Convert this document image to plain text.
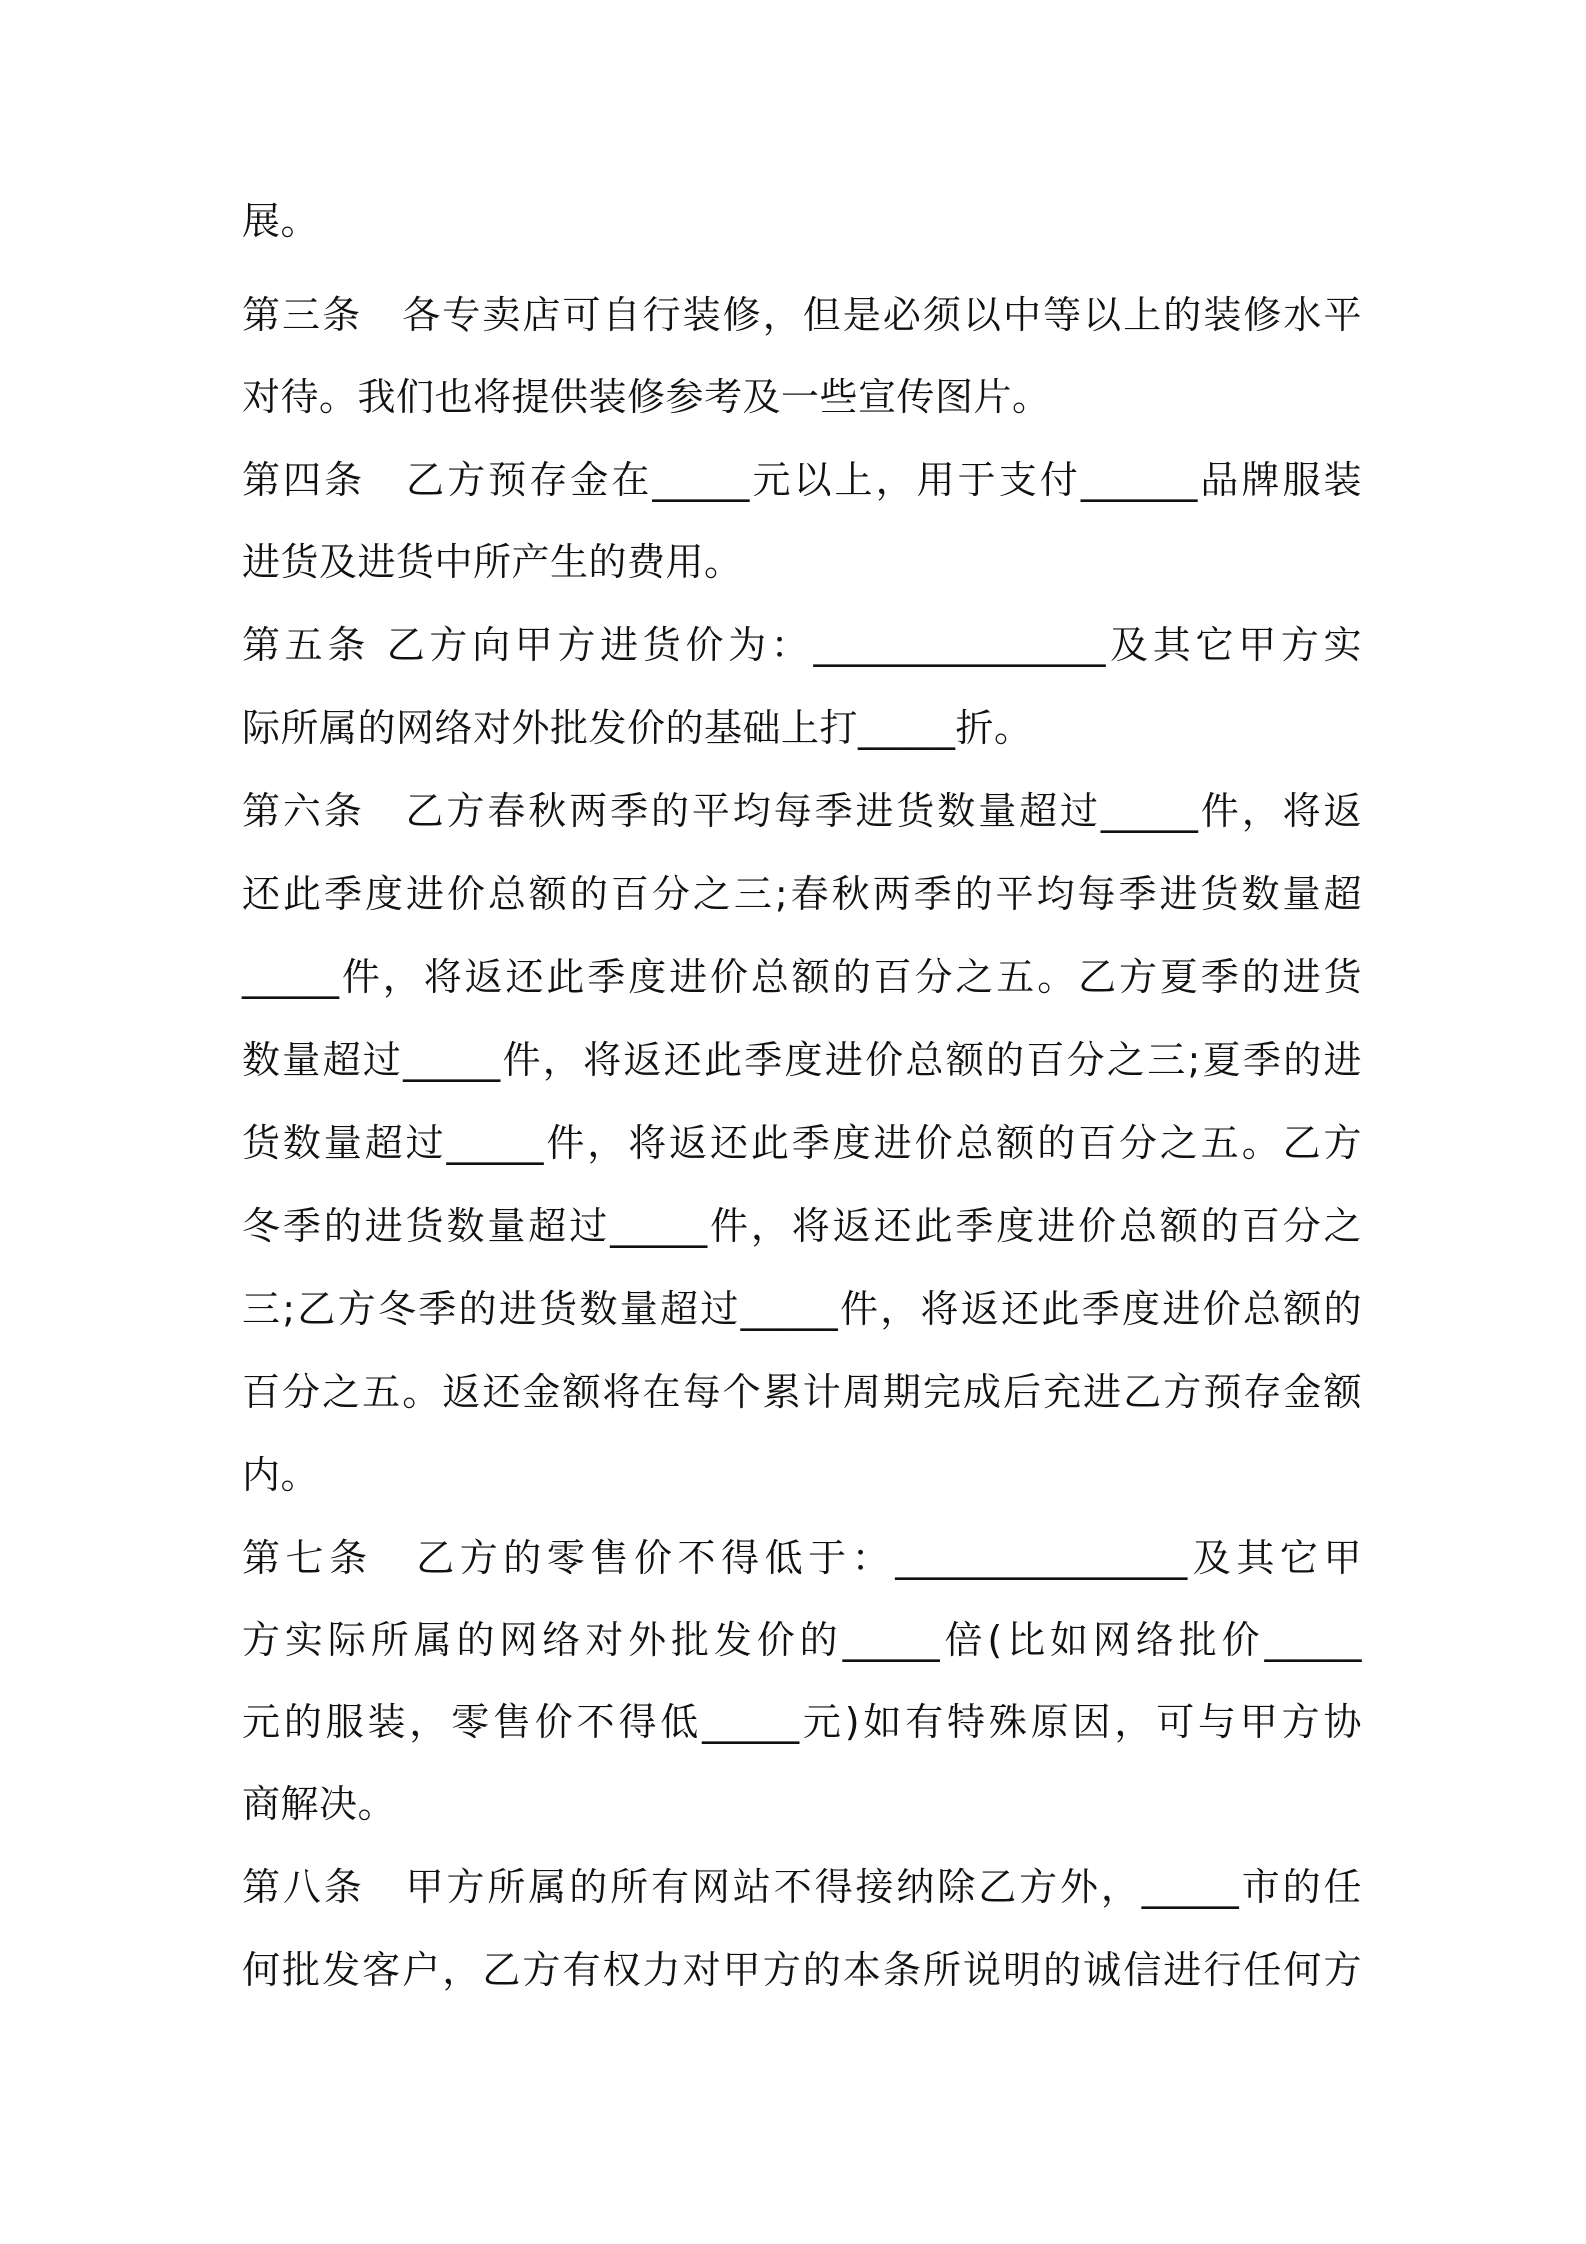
展。
第三条　各专卖店可自行装修，但是必须以中等以上的装修水平
对待。我们也将提供装修参考及一些宣传图片。
第四条　乙方预存金在_____元以上，用于支付______品牌服装
进货及进货中所产生的费用。
第五条 乙方向甲方进货价为：_______________及其它甲方实
际所属的网络对外批发价的基础上打_____折。
第六条　乙方春秋两季的平均每季进货数量超过_____件，将返
还此季度进价总额的百分之三;春秋两季的平均每季进货数量超
_____件，将返还此季度进价总额的百分之五。乙方夏季的进货
数量超过_____件，将返还此季度进价总额的百分之三;夏季的进
货数量超过_____件，将返还此季度进价总额的百分之五。乙方
冬季的进货数量超过_____件，将返还此季度进价总额的百分之
三;乙方冬季的进货数量超过_____件，将返还此季度进价总额的
百分之五。返还金额将在每个累计周期完成后充进乙方预存金额
内。
第七条　乙方的零售价不得低于：_______________及其它甲
方实际所属的网络对外批发价的_____倍(比如网络批价_____
元的服装，零售价不得低_____元)如有特殊原因，可与甲方协
商解决。
第八条　甲方所属的所有网站不得接纳除乙方外，_____市的任
何批发客户，乙方有权力对甲方的本条所说明的诚信进行任何方
